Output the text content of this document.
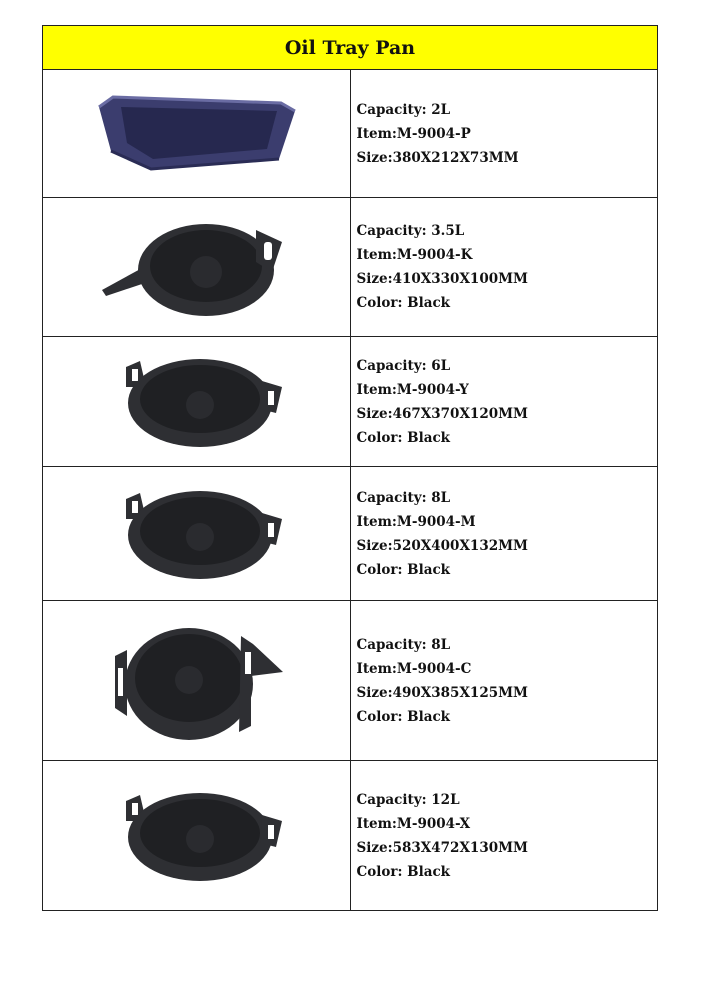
Oil Tray Pan	

Capacity: 2L
Item:M-9004-P
Size:380X212X73MM

Capacity: 3.5L
Item:M-9004-K
Size:410X330X100MM
Color: Black

Capacity: 6L
Item:M-9004-Y
Size:467X370X120MM
Color: Black

Capacity: 8L
Item:M-9004-M
Size:520X400X132MM
Color: Black

Capacity: 8L
Item:M-9004-C
Size:490X385X125MM
Color: Black

Capacity: 12L
Item:M-9004-X
Size:583X472X130MM
Color: Black
